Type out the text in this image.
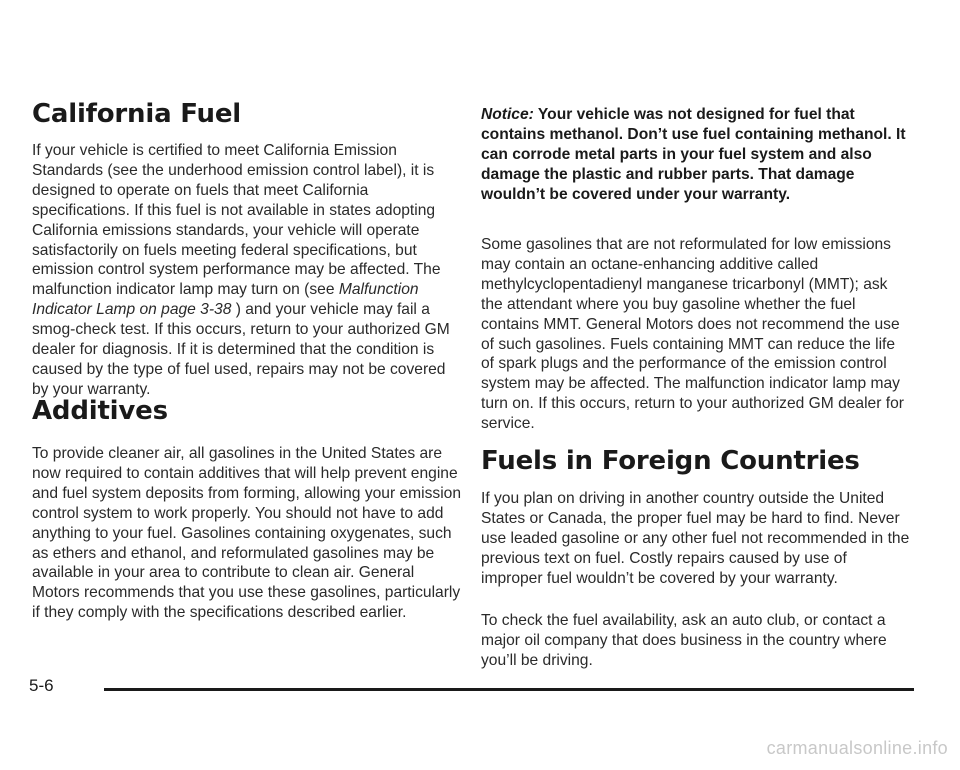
California Fuel

If your vehicle is certified to meet California Emission Standards (see the underhood emission control label), it is designed to operate on fuels that meet California specifications. If this fuel is not available in states adopting California emissions standards, your vehicle will operate satisfactorily on fuels meeting federal specifications, but emission control system performance may be affected. The malfunction indicator lamp may turn on (see Malfunction Indicator Lamp on page 3-38 ) and your vehicle may fail a smog-check test. If this occurs, return to your authorized GM dealer for diagnosis. If it is determined that the condition is caused by the type of fuel used, repairs may not be covered by your warranty.

Additives

To provide cleaner air, all gasolines in the United States are now required to contain additives that will help prevent engine and fuel system deposits from forming, allowing your emission control system to work properly. You should not have to add anything to your fuel. Gasolines containing oxygenates, such as ethers and ethanol, and reformulated gasolines may be available in your area to contribute to clean air. General Motors recommends that you use these gasolines, particularly if they comply with the specifications described earlier.

Notice: Your vehicle was not designed for fuel that contains methanol. Don’t use fuel containing methanol. It can corrode metal parts in your fuel system and also damage the plastic and rubber parts. That damage wouldn’t be covered under your warranty.

Some gasolines that are not reformulated for low emissions may contain an octane-enhancing additive called methylcyclopentadienyl manganese tricarbonyl (MMT); ask the attendant where you buy gasoline whether the fuel contains MMT. General Motors does not recommend the use of such gasolines. Fuels containing MMT can reduce the life of spark plugs and the performance of the emission control system may be affected. The malfunction indicator lamp may turn on. If this occurs, return to your authorized GM dealer for service.

Fuels in Foreign Countries

If you plan on driving in another country outside the United States or Canada, the proper fuel may be hard to find. Never use leaded gasoline or any other fuel not recommended in the previous text on fuel. Costly repairs caused by use of improper fuel wouldn’t be covered by your warranty.

To check the fuel availability, ask an auto club, or contact a major oil company that does business in the country where you’ll be driving.

5-6
carmanualsonline.info
